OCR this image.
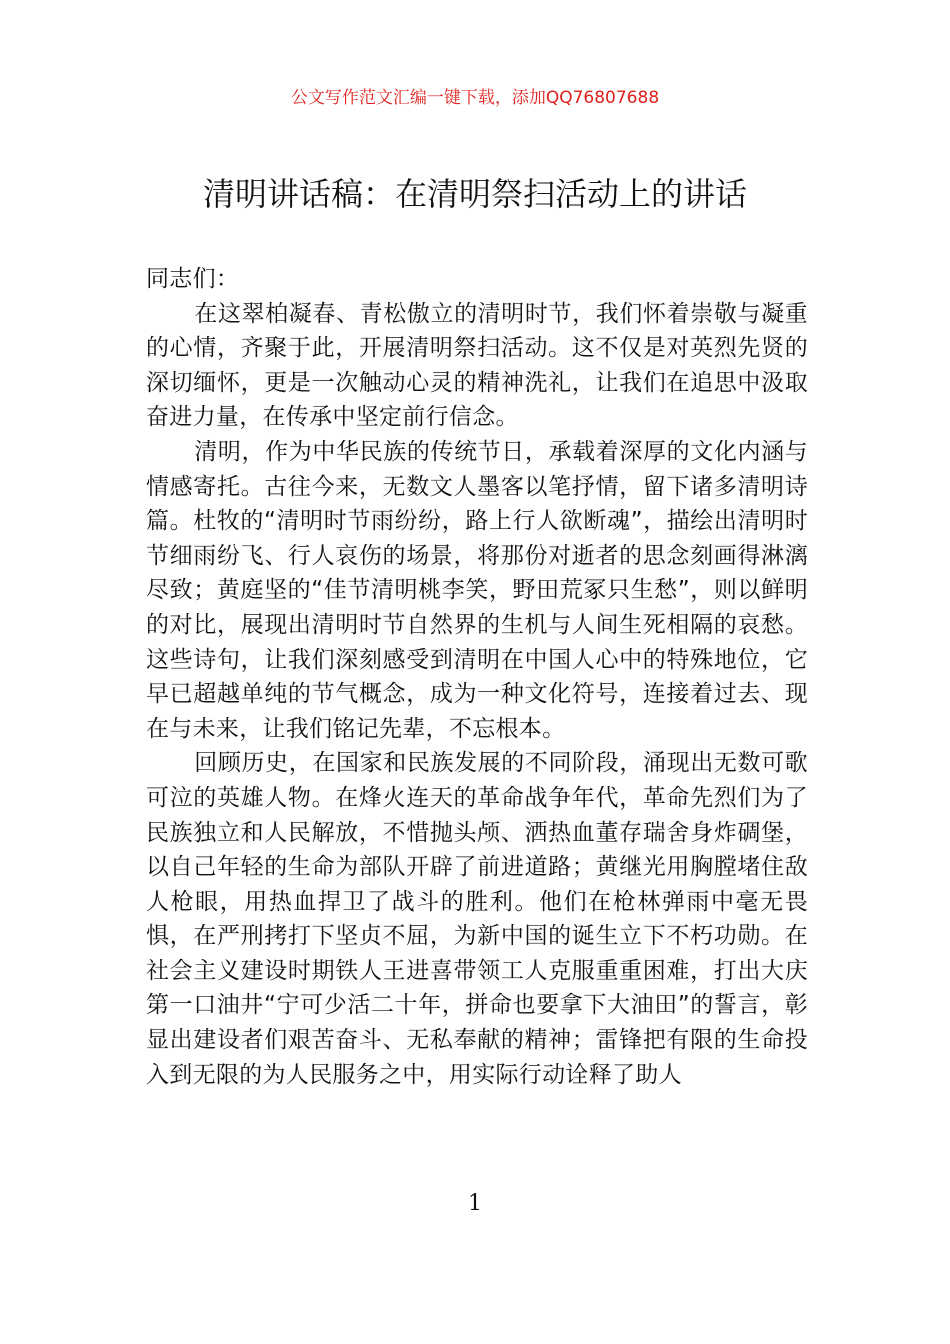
公文写作范文汇编一键下载，添加QQ76807688
清明讲话稿：在清明祭扫活动上的讲话

同志们：

在这翠柏凝春、青松傲立的清明时节，我们怀着崇敬与凝重的心情，齐聚于此，开展清明祭扫活动。这不仅是对英烈先贤的深切缅怀，更是一次触动心灵的精神洗礼，让我们在追思中汲取奋进力量，在传承中坚定前行信念。

清明，作为中华民族的传统节日，承载着深厚的文化内涵与情感寄托。古往今来，无数文人墨客以笔抒情，留下诸多清明诗篇。杜牧的“清明时节雨纷纷，路上行人欲断魂”，描绘出清明时节细雨纷飞、行人哀伤的场景，将那份对逝者的思念刻画得淋漓尽致；黄庭坚的“佳节清明桃李笑，野田荒冢只生愁”，则以鲜明的对比，展现出清明时节自然界的生机与人间生死相隔的哀愁。这些诗句，让我们深刻感受到清明在中国人心中的特殊地位，它早已超越单纯的节气概念，成为一种文化符号，连接着过去、现在与未来，让我们铭记先辈，不忘根本。

回顾历史，在国家和民族发展的不同阶段，涌现出无数可歌可泣的英雄人物。在烽火连天的革命战争年代，革命先烈们为了民族独立和人民解放，不惜抛头颅、洒热血董存瑞舍身炸碉堡，以自己年轻的生命为部队开辟了前进道路；黄继光用胸膛堵住敌人枪眼，用热血捍卫了战斗的胜利。他们在枪林弹雨中毫无畏惧，在严刑拷打下坚贞不屈，为新中国的诞生立下不朽功勋。在社会主义建设时期铁人王进喜带领工人克服重重困难，打出大庆第一口油井“宁可少活二十年，拼命也要拿下大油田”的誓言，彰显出建设者们艰苦奋斗、无私奉献的精神；雷锋把有限的生命投入到无限的为人民服务之中，用实际行动诠释了助人

1
